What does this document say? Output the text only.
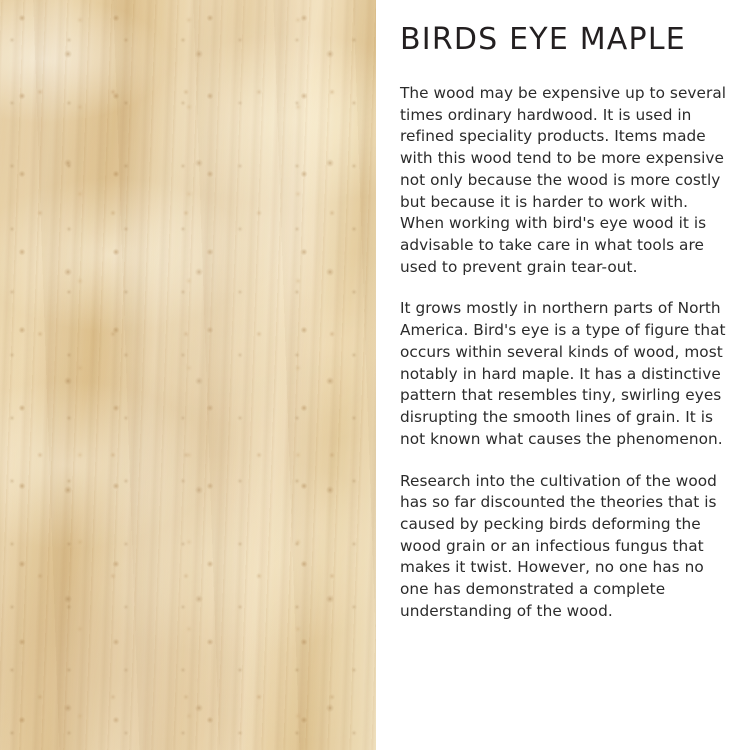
BIRDS EYE MAPLE

The wood may be expensive up to several times ordinary hardwood. It is used in refined speciality products. Items made with this wood tend to be more expensive not only because the wood is more costly but because it is harder to work with. When working with bird's eye wood it is advisable to take care in what tools are used to prevent grain tear-out.

It grows mostly in northern parts of North America. Bird's eye is a type of figure that occurs within several kinds of wood, most notably in hard maple. It has a distinctive pattern that resembles tiny, swirling eyes disrupting the smooth lines of grain. It is not known what causes the phenomenon.

Research into the cultivation of the wood has so far discounted the theories that is caused by pecking birds deforming the wood grain or an infectious fungus that makes it twist. However, no one has no one has demonstrated a complete understanding of the wood.
